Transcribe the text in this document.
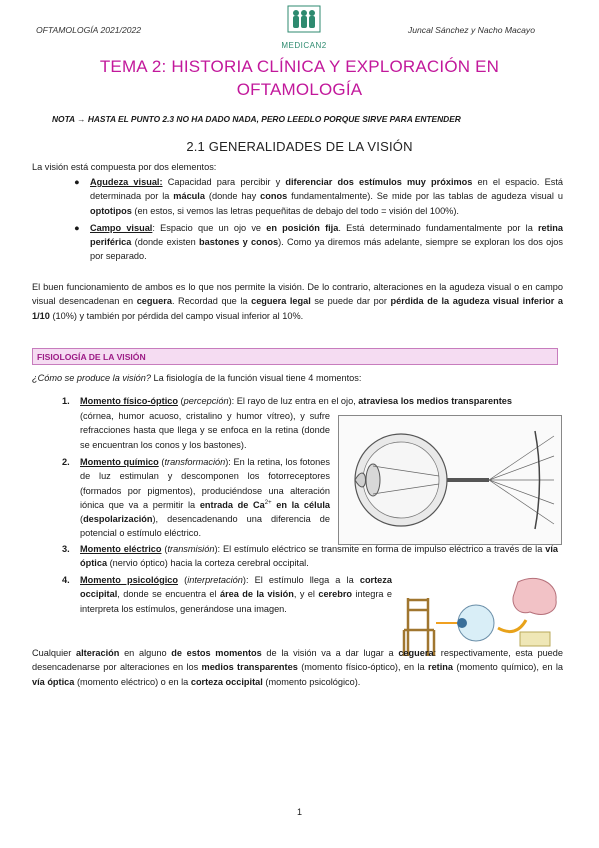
OFTAMOLOGÍA 2021/2022
MEDICAN2
Juncal Sánchez y Nacho Macayo
TEMA 2: HISTORIA CLÍNICA Y EXPLORACIÓN EN
OFTAMOLOGÍA
NOTA → HASTA EL PUNTO 2.3 NO HA DADO NADA, PERO LEEDLO PORQUE SIRVE PARA ENTENDER
2.1 GENERALIDADES DE LA VISIÓN
La visión está compuesta por dos elementos:
● Agudeza visual: Capacidad para percibir y diferenciar dos estímulos muy próximos en el espacio. Está determinada por la mácula (donde hay conos fundamentalmente). Se mide por las tablas de agudeza visual u optotipos (en estos, si vemos las letras pequeñitas de debajo del todo = visión del 100%).
● Campo visual: Espacio que un ojo ve en posición fija. Está determinado fundamentalmente por la retina periférica (donde existen bastones y conos). Como ya diremos más adelante, siempre se exploran los dos ojos por separado.
El buen funcionamiento de ambos es lo que nos permite la visión. De lo contrario, alteraciones en la agudeza visual o en campo visual desencadenan en ceguera. Recordad que la ceguera legal se puede dar por pérdida de la agudeza visual inferior a 1/10 (10%) y también por pérdida del campo visual inferior al 10%.
FISIOLOGÍA DE LA VISIÓN
¿Cómo se produce la visión? La fisiología de la función visual tiene 4 momentos:
1. Momento físico-óptico (percepción): El rayo de luz entra en el ojo, atraviesa los medios transparentes
(córnea, humor acuoso, cristalino y humor vítreo), y sufre refracciones hasta que llega y se enfoca en la retina (donde se encuentran los conos y los bastones).
2. Momento químico (transformación): En la retina, los fotones de luz estimulan y descomponen los fotorreceptores (formados por pigmentos), produciéndose una alteración iónica que va a permitir la entrada de $Ca^{2+}$ en la célula (despolarización), desencadenando una diferencia de potencial o estímulo eléctrico.
3. Momento eléctrico (transmisión): El estímulo eléctrico se transmite en forma de impulso eléctrico a través de la vía óptica (nervio óptico) hacia la corteza cerebral occipital.
4. Momento psicológico (interpretación): El estímulo llega a la corteza occipital, donde se encuentra el área de la visión, y el cerebro integra e interpreta los estímulos, generándose una imagen.
Cualquier alteración en alguno de estos momentos de la visión va a dar lugar a ceguera: respectivamente, esta puede desencadenarse por alteraciones en los medios transparentes (momento físico-óptico), en la retina (momento químico), en la vía óptica (momento eléctrico) o en la corteza occipital (momento psicológico).
1
